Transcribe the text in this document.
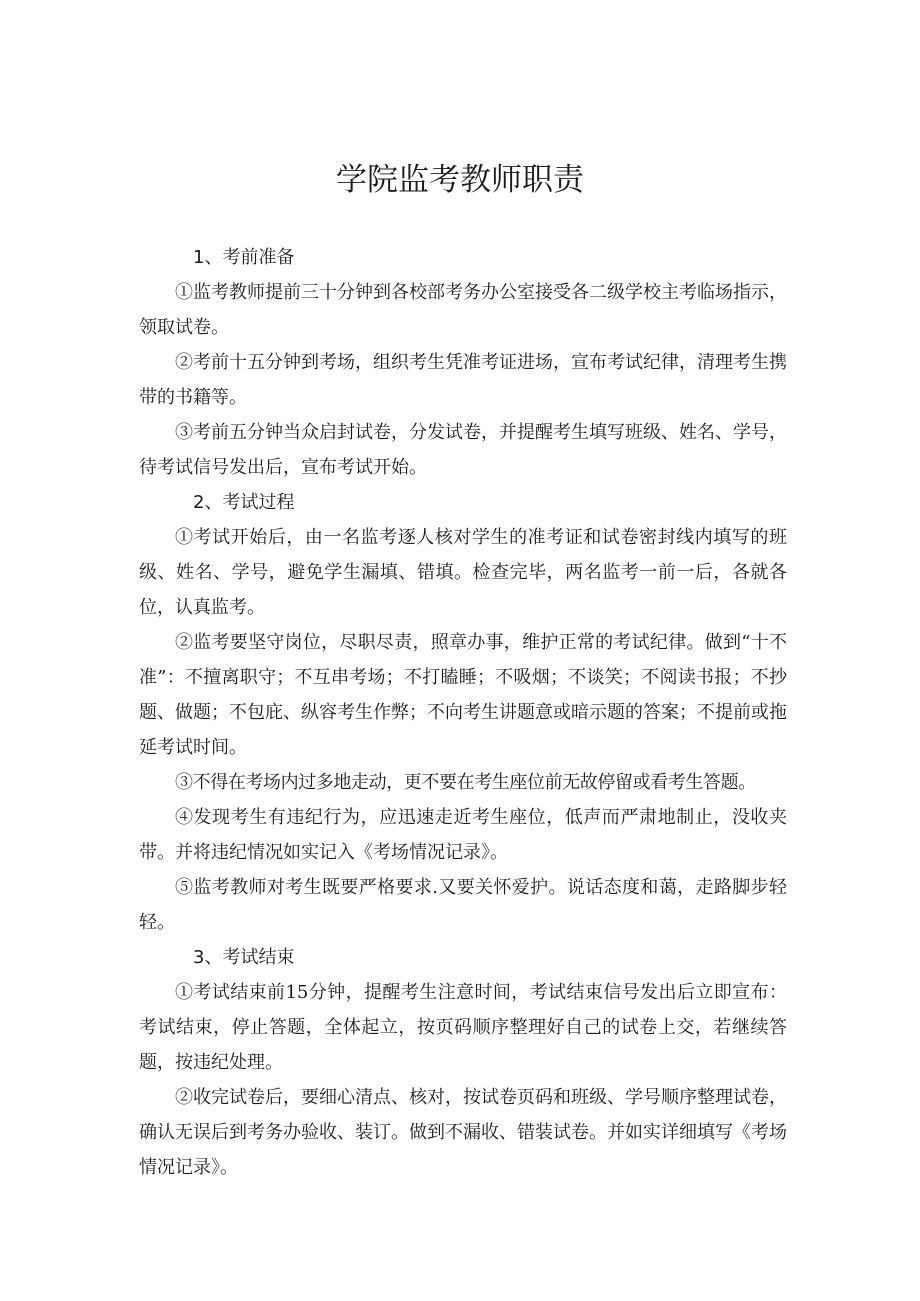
学院监考教师职责

1、考前准备

①监考教师提前三十分钟到各校部考务办公室接受各二级学校主考临场指示，领取试卷。

②考前十五分钟到考场，组织考生凭准考证进场，宣布考试纪律，清理考生携带的书籍等。

③考前五分钟当众启封试卷，分发试卷，并提醒考生填写班级、姓名、学号，待考试信号发出后，宣布考试开始。

2、考试过程

①考试开始后，由一名监考逐人核对学生的准考证和试卷密封线内填写的班级、姓名、学号，避免学生漏填、错填。检查完毕，两名监考一前一后，各就各位，认真监考。

②监考要坚守岗位，尽职尽责，照章办事，维护正常的考试纪律。做到“十不准”：不擅离职守；不互串考场；不打瞌睡；不吸烟；不谈笑；不阅读书报；不抄题、做题；不包庇、纵容考生作弊；不向考生讲题意或暗示题的答案；不提前或拖延考试时间。

③不得在考场内过多地走动，更不要在考生座位前无故停留或看考生答题。

④发现考生有违纪行为，应迅速走近考生座位，低声而严肃地制止，没收夹带。并将违纪情况如实记入《考场情况记录》。

⑤监考教师对考生既要严格要求.又要关怀爱护。说话态度和蔼，走路脚步轻轻。

3、考试结束

①考试结束前15分钟，提醒考生注意时间，考试结束信号发出后立即宣布：考试结束，停止答题，全体起立，按页码顺序整理好自己的试卷上交，若继续答题，按违纪处理。

②收完试卷后，要细心清点、核对，按试卷页码和班级、学号顺序整理试卷，确认无误后到考务办验收、装订。做到不漏收、错装试卷。并如实详细填写《考场情况记录》。
